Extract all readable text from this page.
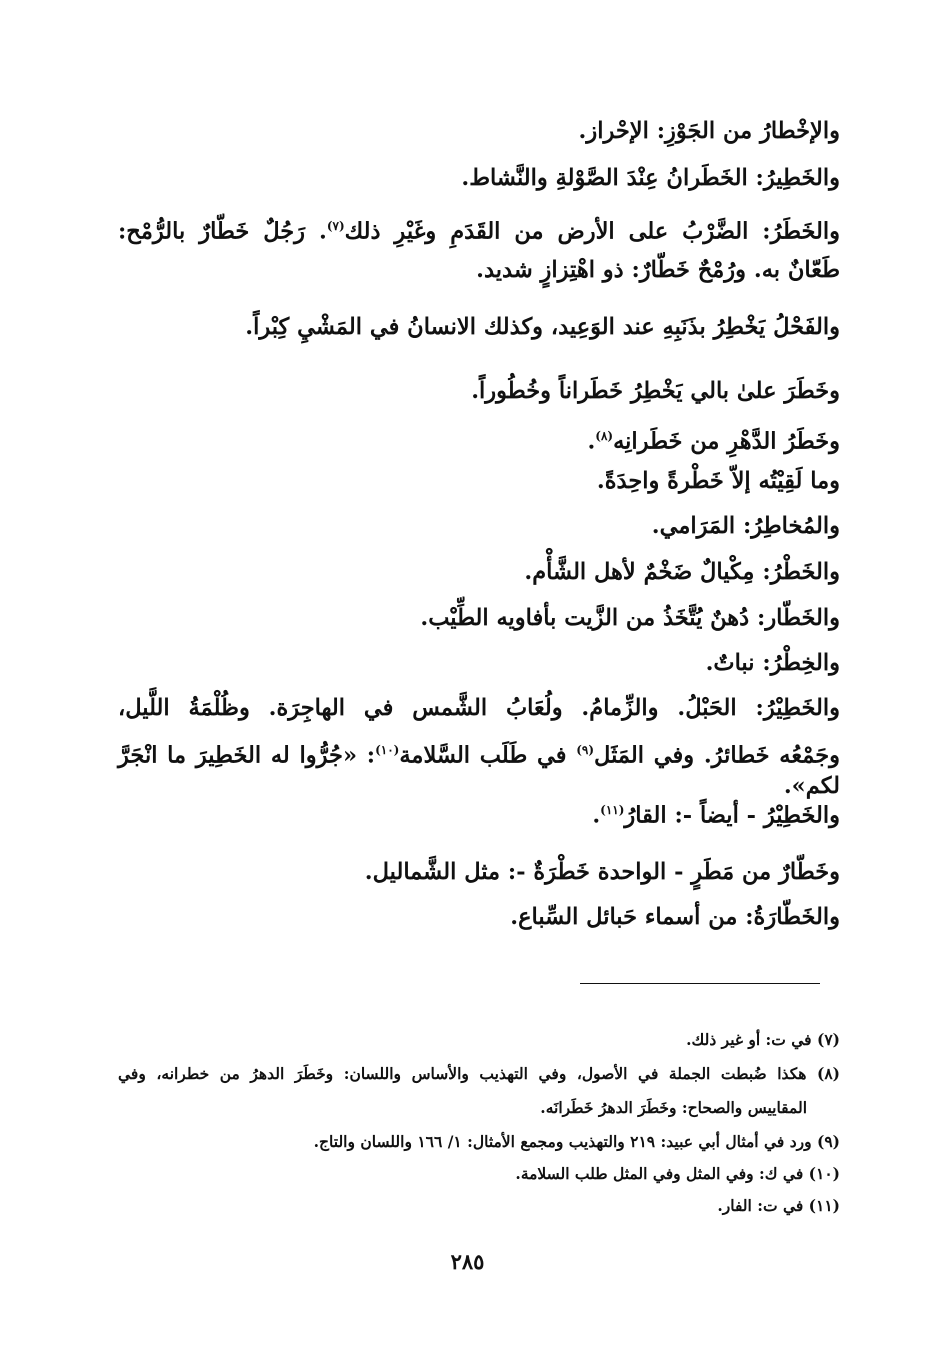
والإخْطارُ من الجَوْزِ: الإحْراز.
والخَطِيرُ: الخَطَرانُ عِنْدَ الصَّوْلةِ والنَّشاط.
والخَطَرُ: الضَّرْبُ على الأرض من القَدَمِ وغَيْرِ ذلك$^{(٧)}$. رَجُلٌ خَطّارٌ بالرُّمْح:
طَعّانٌ به. ورُمْحٌ خَطّارٌ: ذو اهْتِزازٍ شديد.
والفَحْلُ يَخْطِرُ بذَنَبِهِ عند الوَعِيد، وكذلك الانسانُ في المَشْيِ كِبْراً.
وخَطَرَ علىٰ بالي يَخْطِرُ خَطَراناً وخُطُوراً.
وخَطَرُ الدَّهْرِ من خَطَرانِه$^{(٨)}$.
وما لَقِيْتُه إلاّ خَطْرةً واحِدَةً.
والمُخاطِرُ: المَرَامي.
والخَطْرُ: مِكْيالٌ ضَخْمٌ لأهل الشَّأْم.
والخَطّار: دُهنٌ يُتَّخَذُ من الزَّيت بأفاويه الطِّيْب.
والخِطْرُ: نباتٌ.
والخَطِيْرُ: الحَبْلُ. والزِّمامُ. ولُعَابُ الشَّمس في الهاجِرَة. وظُلْمَةُ اللَّيل،
وجَمْعُه خَطائرُ. وفي المَثَل$^{(٩)}$ في طَلَب السَّلامة$^{(١٠)}$: «جُرُّوا له الخَطِيرَ ما انْجَرَّ لكم».
والخَطِيْرُ - أيضاً -: القارُ$^{(١١)}$.
وخَطّارٌ من مَطَرٍ - الواحدة خَطْرَةٌ -: مثل الشَّماليل.
والخَطّارَةُ: من أسماء حَبائل السِّباع.
(٧) في ت: أو غير ذلك.
(٨) هكذا ضُبطت الجملة في الأصول، وفي التهذيب والأساس واللسان: وخَطَرَ الدهرُ من خطرانه، وفي
المقاييس والصحاح: وخَطَرَ الدهرُ خَطَرانَه.
(٩) ورد في أمثال أبي عبيد: ٢١٩ والتهذيب ومجمع الأمثال: ١/ ١٦٦ واللسان والتاج.
(١٠) في ك: وفي المثل وفي المثل طلب السلامة.
(١١) في ت: الفار.
٢٨٥
